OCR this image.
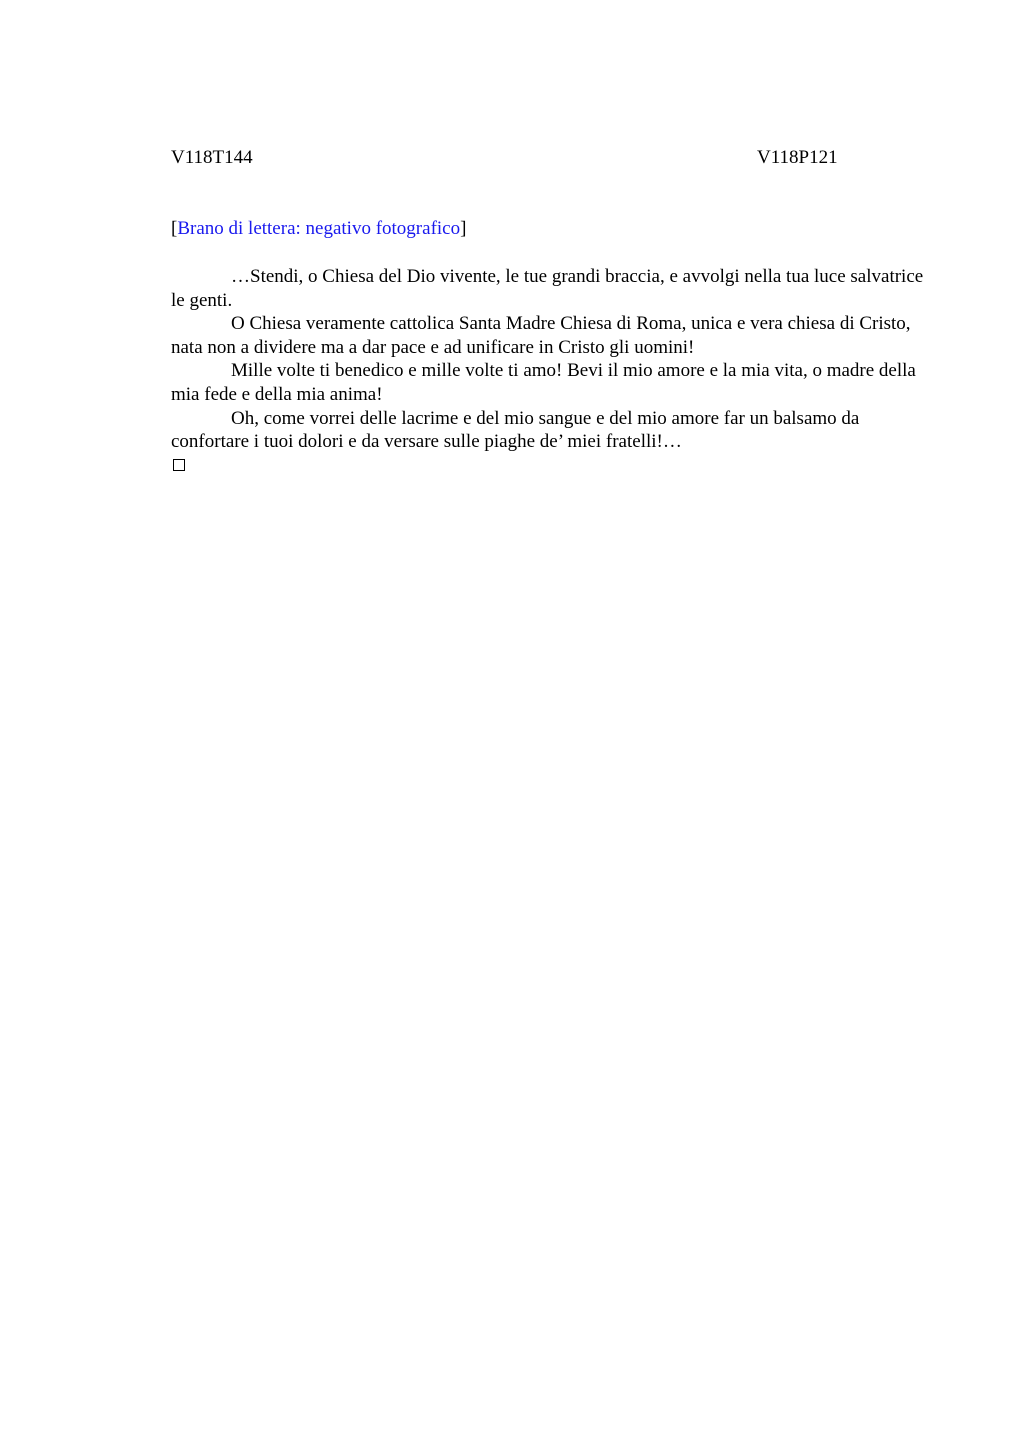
V118T144	V118P121
[Brano di lettera: negativo fotografico]

…Stendi, o Chiesa del Dio vivente, le tue grandi braccia, e avvolgi nella tua luce salvatrice le genti.

O Chiesa veramente cattolica Santa Madre Chiesa di Roma, unica e vera chiesa di Cristo, nata non a dividere ma a dar pace e ad unificare in Cristo gli uomini!

Mille volte ti benedico e mille volte ti amo! Bevi il mio amore e la mia vita, o madre della mia fede e della mia anima!

Oh, come vorrei delle lacrime e del mio sangue e del mio amore far un balsamo da confortare i tuoi dolori e da versare sulle piaghe de’ miei fratelli!…
